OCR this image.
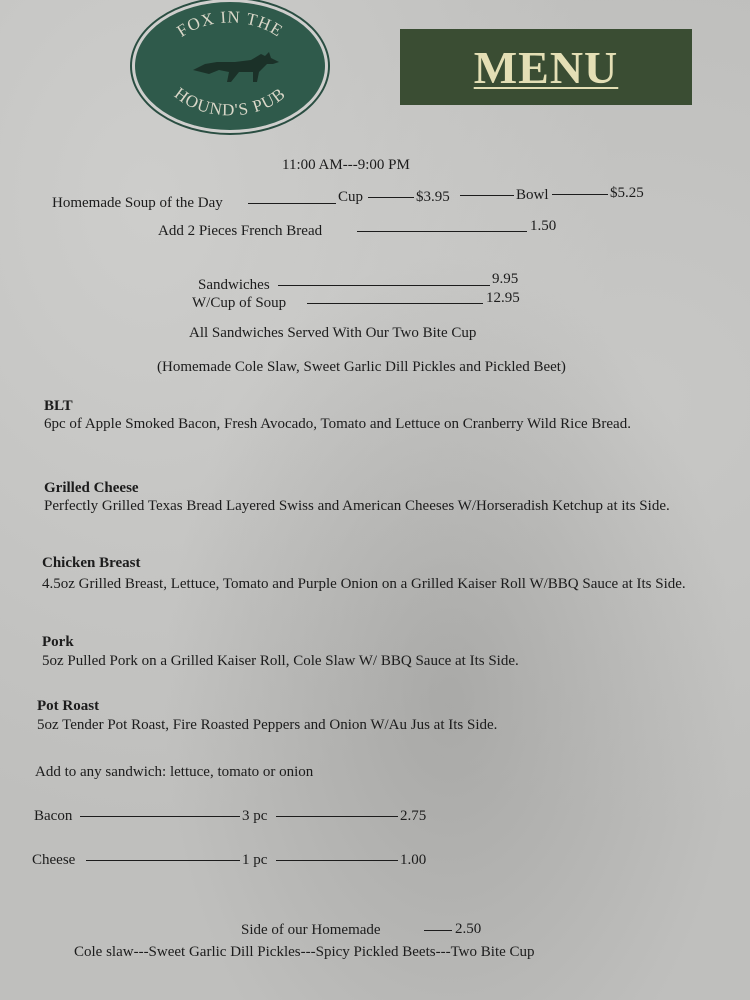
FOX IN THE
HOUND'S PUB
MENU
11:00 AM---9:00 PM
Homemade Soup of the Day	Cup	$3.95	Bowl	$5.25
Add 2 Pieces French Bread	1.50
Sandwiches	9.95
W/Cup of Soup	12.95
All Sandwiches Served With Our Two Bite Cup
(Homemade Cole Slaw, Sweet Garlic Dill Pickles and Pickled Beet)
BLT
6pc of Apple Smoked Bacon, Fresh Avocado, Tomato and Lettuce on Cranberry Wild Rice Bread.
Grilled Cheese
Perfectly Grilled Texas Bread Layered Swiss and American Cheeses W/Horseradish Ketchup at its Side.
Chicken Breast
4.5oz Grilled Breast, Lettuce, Tomato and Purple Onion on a Grilled Kaiser Roll W/BBQ Sauce at Its Side.
Pork
5oz Pulled Pork on a Grilled Kaiser Roll, Cole Slaw W/ BBQ Sauce at Its Side.
Pot Roast
5oz Tender Pot Roast, Fire Roasted Peppers and Onion W/Au Jus at Its Side.
Add to any sandwich: lettuce, tomato or onion
Bacon	3 pc	2.75
Cheese	1 pc	1.00
Side of our Homemade	2.50
Cole slaw---Sweet Garlic Dill Pickles---Spicy Pickled Beets---Two Bite Cup
